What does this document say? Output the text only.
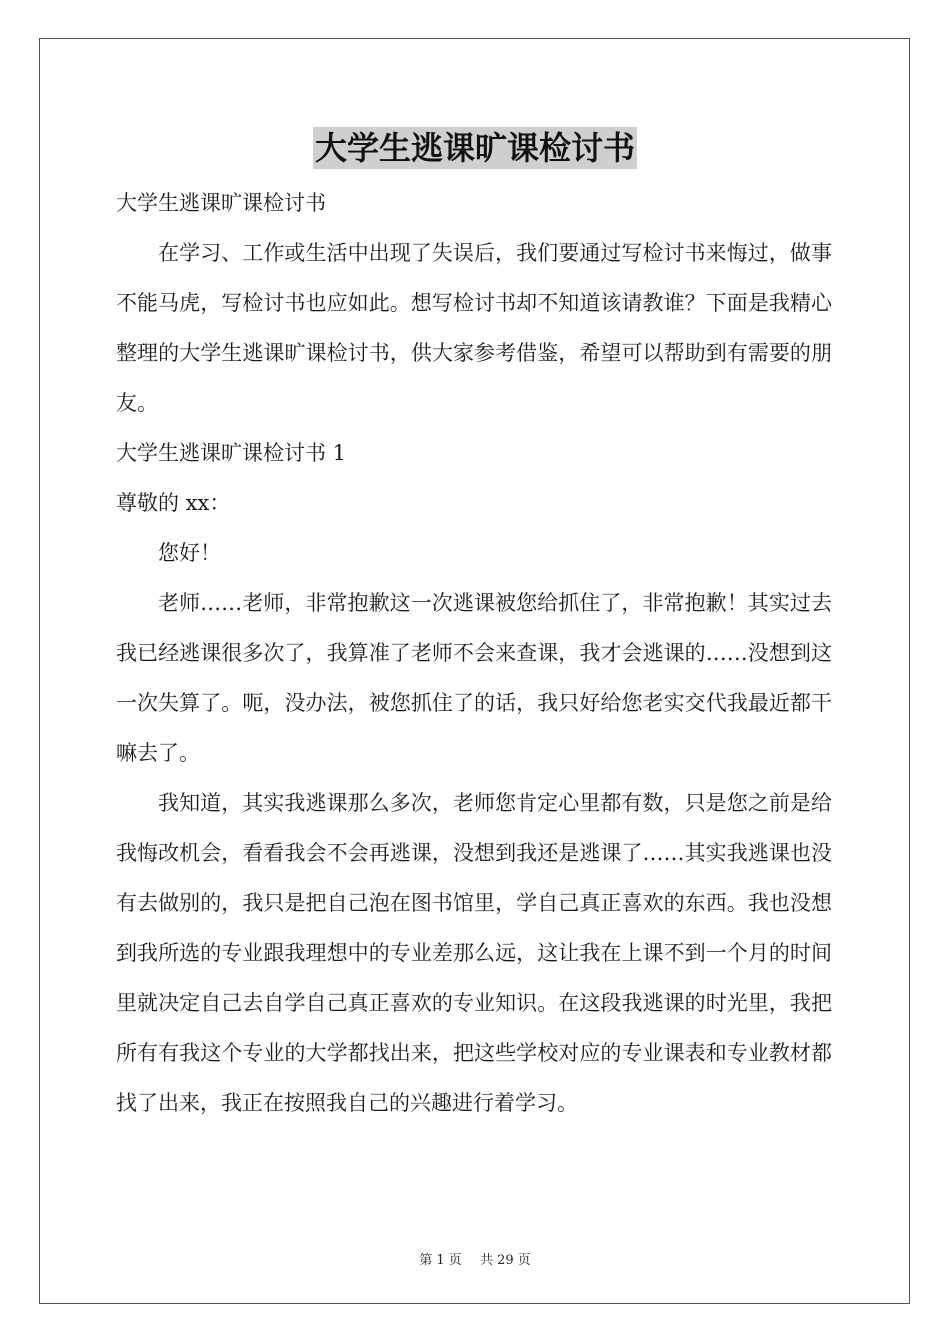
大学生逃课旷课检讨书

大学生逃课旷课检讨书

在学习、工作或生活中出现了失误后，我们要通过写检讨书来悔过，做事不能马虎，写检讨书也应如此。想写检讨书却不知道该请教谁？下面是我精心整理的大学生逃课旷课检讨书，供大家参考借鉴，希望可以帮助到有需要的朋友。

大学生逃课旷课检讨书 1

尊敬的 xx：

您好！

老师……老师，非常抱歉这一次逃课被您给抓住了，非常抱歉！其实过去我已经逃课很多次了，我算准了老师不会来查课，我才会逃课的……没想到这一次失算了。呃，没办法，被您抓住了的话，我只好给您老实交代我最近都干嘛去了。

我知道，其实我逃课那么多次，老师您肯定心里都有数，只是您之前是给我悔改机会，看看我会不会再逃课，没想到我还是逃课了……其实我逃课也没有去做别的，我只是把自己泡在图书馆里，学自己真正喜欢的东西。我也没想到我所选的专业跟我理想中的专业差那么远，这让我在上课不到一个月的时间里就决定自己去自学自己真正喜欢的专业知识。在这段我逃课的时光里，我把所有有我这个专业的大学都找出来，把这些学校对应的专业课表和专业教材都找了出来，我正在按照我自己的兴趣进行着学习。

第 1 页 共 29 页
